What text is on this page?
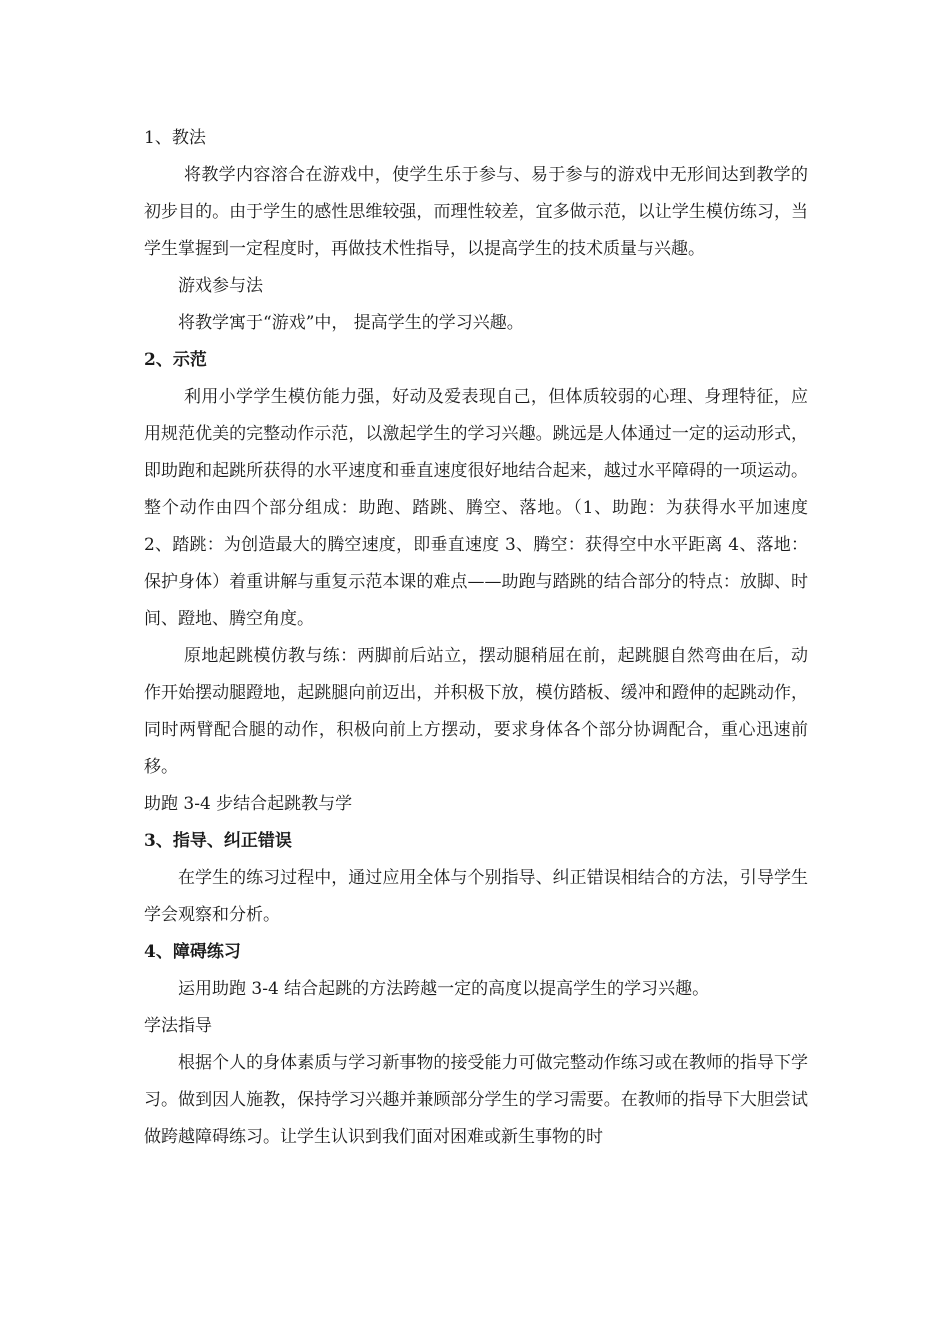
1、教法

将教学内容溶合在游戏中，使学生乐于参与、易于参与的游戏中无形间达到教学的初步目的。由于学生的感性思维较强，而理性较差，宜多做示范，以让学生模仿练习，当学生掌握到一定程度时，再做技术性指导，以提高学生的技术质量与兴趣。

游戏参与法

将教学寓于“游戏”中， 提高学生的学习兴趣。

2、示范

利用小学学生模仿能力强，好动及爱表现自己，但体质较弱的心理、身理特征，应用规范优美的完整动作示范，以激起学生的学习兴趣。跳远是人体通过一定的运动形式，即助跑和起跳所获得的水平速度和垂直速度很好地结合起来，越过水平障碍的一项运动。整个动作由四个部分组成：助跑、踏跳、腾空、落地。（1、助跑：为获得水平加速度 2、踏跳：为创造最大的腾空速度，即垂直速度 3、腾空：获得空中水平距离 4、落地：保护身体）着重讲解与重复示范本课的难点——助跑与踏跳的结合部分的特点：放脚、时间、蹬地、腾空角度。

原地起跳模仿教与练：两脚前后站立，摆动腿稍屈在前，起跳腿自然弯曲在后，动作开始摆动腿蹬地，起跳腿向前迈出，并积极下放，模仿踏板、缓冲和蹬伸的起跳动作，同时两臂配合腿的动作，积极向前上方摆动，要求身体各个部分协调配合，重心迅速前移。

助跑 3-4 步结合起跳教与学

3、指导、纠正错误

在学生的练习过程中，通过应用全体与个别指导、纠正错误相结合的方法，引导学生学会观察和分析。

4、障碍练习

运用助跑 3-4 结合起跳的方法跨越一定的高度以提高学生的学习兴趣。

学法指导

根据个人的身体素质与学习新事物的接受能力可做完整动作练习或在教师的指导下学习。做到因人施教，保持学习兴趣并兼顾部分学生的学习需要。在教师的指导下大胆尝试做跨越障碍练习。让学生认识到我们面对困难或新生事物的时
